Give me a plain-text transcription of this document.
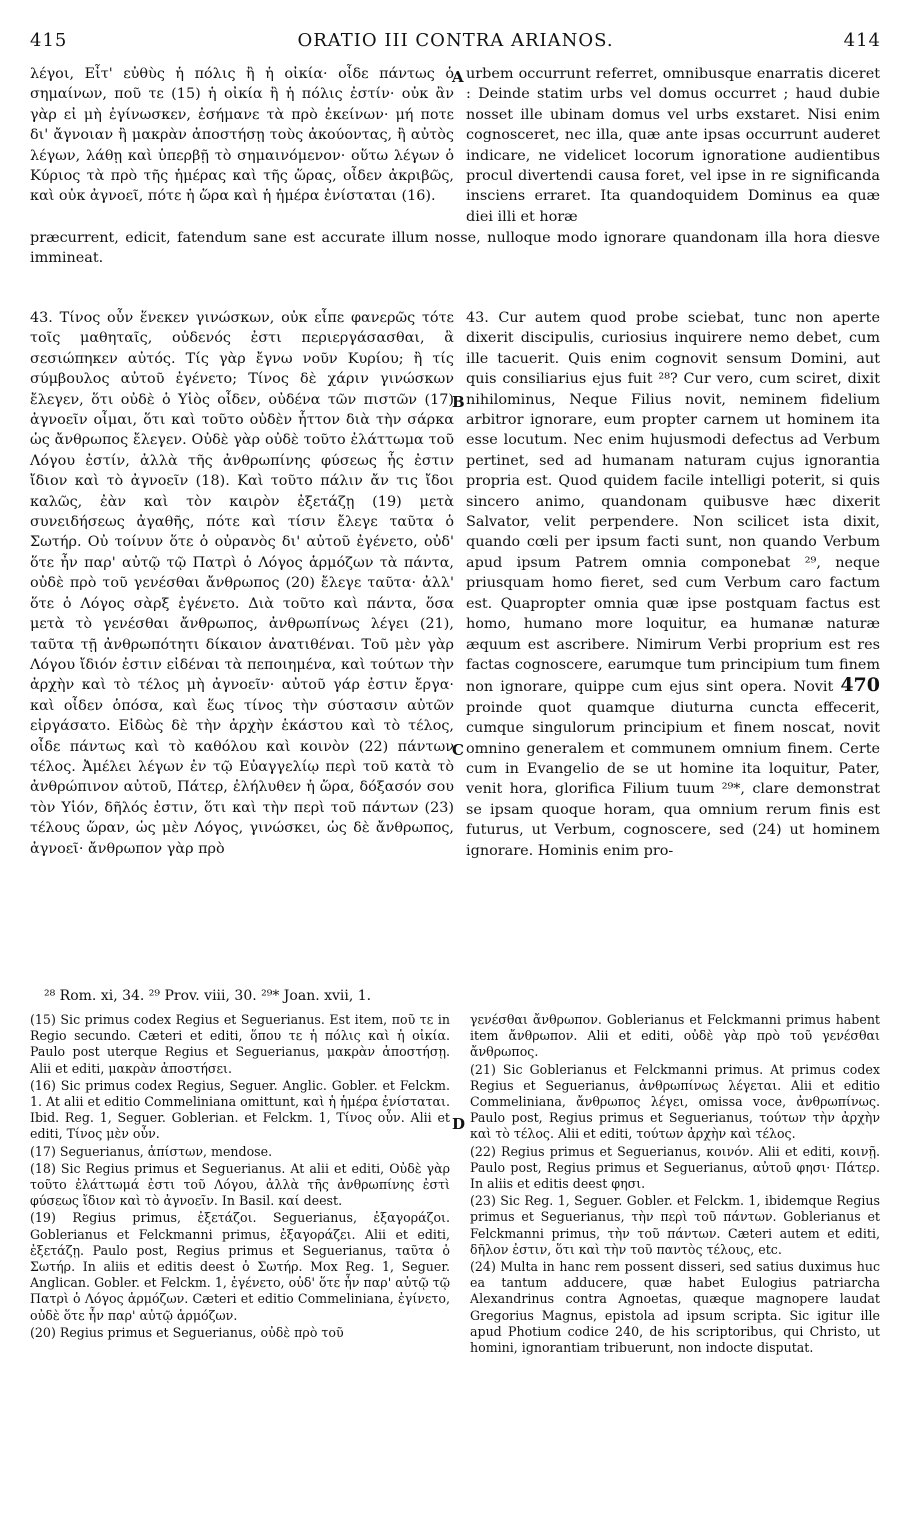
415	ORATIO III CONTRA ARIANOS.	414

λέγοι, Εἶτ' εὐθὺς ἡ πόλις ἢ ἡ οἰκία· οἶδε πάντως ὁ σημαίνων, ποῦ τε (15) ἡ οἰκία ἢ ἡ πόλις ἐστίν· οὐκ ἂν γὰρ εἰ μὴ ἐγίνωσκεν, ἐσήμανε τὰ πρὸ ἐκείνων· μή ποτε δι' ἄγνοιαν ἢ μακρὰν ἀποστήσῃ τοὺς ἀκούοντας, ἢ αὐτὸς λέγων, λάθῃ καὶ ὑπερβῇ τὸ σημαινόμενον· οὕτω λέγων ὁ Κύριος τὰ πρὸ τῆς ἡμέρας καὶ τῆς ὥρας, οἶδεν ἀκριβῶς, καὶ οὐκ ἀγνοεῖ, πότε ἡ ὥρα καὶ ἡ ἡμέρα ἐνίσταται (16).

urbem occurrunt referret, omnibusque enarratis diceret : Deinde statim urbs vel domus occurret ; haud dubie nosset ille ubinam domus vel urbs exstaret. Nisi enim cognosceret, nec illa, quæ ante ipsas occurrunt auderet indicare, ne videlicet locorum ignoratione audientibus procul divertendi causa foret, vel ipse in re significanda insciens erraret. Ita quandoquidem Dominus ea quæ diei illi et horæ

præcurrent, edicit, fatendum sane est accurate illum nosse, nulloque modo ignorare quandonam illa hora diesve immineat.

43. Τίνος οὖν ἕνεκεν γινώσκων, οὐκ εἶπε φανερῶς τότε τοῖς μαθηταῖς, οὐδενός ἐστι περιεργάσασθαι, ἃ σεσιώπηκεν αὐτός. Τίς γὰρ ἔγνω νοῦν Κυρίου; ἢ τίς σύμβουλος αὐτοῦ ἐγένετο; Τίνος δὲ χάριν γινώσκων ἔλεγεν, ὅτι οὐδὲ ὁ Υἱὸς οἶδεν, οὐδένα τῶν πιστῶν (17) ἀγνοεῖν οἶμαι, ὅτι καὶ τοῦτο οὐδὲν ἧττον διὰ τὴν σάρκα ὡς ἄνθρωπος ἔλεγεν. Οὐδὲ γὰρ οὐδὲ τοῦτο ἐλάττωμα τοῦ Λόγου ἐστίν, ἀλλὰ τῆς ἀνθρωπίνης φύσεως ἧς ἐστιν ἴδιον καὶ τὸ ἀγνοεῖν (18). Καὶ τοῦτο πάλιν ἄν τις ἴδοι καλῶς, ἐὰν καὶ τὸν καιρὸν ἐξετάζῃ (19) μετὰ συνειδήσεως ἀγαθῆς, πότε καὶ τίσιν ἔλεγε ταῦτα ὁ Σωτήρ. Οὐ τοίνυν ὅτε ὁ οὐρανὸς δι' αὐτοῦ ἐγένετο, οὐδ' ὅτε ἦν παρ' αὐτῷ τῷ Πατρὶ ὁ Λόγος ἁρμόζων τὰ πάντα, οὐδὲ πρὸ τοῦ γενέσθαι ἄνθρωπος (20) ἔλεγε ταῦτα· ἀλλ' ὅτε ὁ Λόγος σὰρξ ἐγένετο. Διὰ τοῦτο καὶ πάντα, ὅσα μετὰ τὸ γενέσθαι ἄνθρωπος, ἀνθρωπίνως λέγει (21), ταῦτα τῇ ἀνθρωπότητι δίκαιον ἀνατιθέναι. Τοῦ μὲν γὰρ Λόγου ἴδιόν ἐστιν εἰδέναι τὰ πεποιημένα, καὶ τούτων τὴν ἀρχὴν καὶ τὸ τέλος μὴ ἀγνοεῖν· αὐτοῦ γάρ ἐστιν ἔργα· καὶ οἶδεν ὁπόσα, καὶ ἕως τίνος τὴν σύστασιν αὐτῶν εἰργάσατο. Εἰδὼς δὲ τὴν ἀρχὴν ἑκάστου καὶ τὸ τέλος, οἶδε πάντως καὶ τὸ καθόλου καὶ κοινὸν (22) πάντων τέλος. Ἀμέλει λέγων ἐν τῷ Εὐαγγελίῳ περὶ τοῦ κατὰ τὸ ἀνθρώπινον αὐτοῦ, Πάτερ, ἐλήλυθεν ἡ ὥρα, δόξασόν σου τὸν Υἱόν, δῆλός ἐστιν, ὅτι καὶ τὴν περὶ τοῦ πάντων (23) τέλους ὥραν, ὡς μὲν Λόγος, γινώσκει, ὡς δὲ ἄνθρωπος, ἀγνοεῖ· ἄνθρωπον γὰρ πρὸ

43. Cur autem quod probe sciebat, tunc non aperte dixerit discipulis, curiosius inquirere nemo debet, cum ille tacuerit. Quis enim cognovit sensum Domini, aut quis consiliarius ejus fuit ²⁸? Cur vero, cum sciret, dixit nihilominus, Neque Filius novit, neminem fidelium arbitror ignorare, eum propter carnem ut hominem ita esse locutum. Nec enim hujusmodi defectus ad Verbum pertinet, sed ad humanam naturam cujus ignorantia propria est. Quod quidem facile intelligi poterit, si quis sincero animo, quandonam quibusve hæc dixerit Salvator, velit perpendere. Non scilicet ista dixit, quando cœli per ipsum facti sunt, non quando Verbum apud ipsum Patrem omnia componebat ²⁹, neque priusquam homo fieret, sed cum Verbum caro factum est. Quapropter omnia quæ ipse postquam factus est homo, humano more loquitur, ea humanæ naturæ æquum est ascribere. Nimirum Verbi proprium est res factas cognoscere, earumque tum principium tum finem non ignorare, quippe cum ejus sint opera. Novit 470 proinde quot quamque diuturna cuncta effecerit, cumque singulorum principium et finem noscat, novit omnino generalem et communem omnium finem. Certe cum in Evangelio de se ut homine ita loquitur, Pater, venit hora, glorifica Filium tuum ²⁹*, clare demonstrat se ipsam quoque horam, qua omnium rerum finis est futurus, ut Verbum, cognoscere, sed (24) ut hominem ignorare. Hominis enim pro-

A
B
C
D
²⁸ Rom. xi, 34. ²⁹ Prov. viii, 30. ²⁹* Joan. xvii, 1.

(15) Sic primus codex Regius et Seguerianus. Est item, ποῦ τε in Regio secundo. Cæteri et editi, ὅπου τε ἡ πόλις καὶ ἡ οἰκία. Paulo post uterque Regius et Seguerianus, μακρὰν ἀποστήσῃ. Alii et editi, μακρὰν ἀποστήσει.

(16) Sic primus codex Regius, Seguer. Anglic. Gobler. et Felckm. 1. At alii et editio Commeliniana omittunt, καὶ ἡ ἡμέρα ἐνίσταται. Ibid. Reg. 1, Seguer. Goblerian. et Felckm. 1, Τίνος οὖν. Alii et editi, Τίνος μὲν οὖν.

(17) Seguerianus, ἀπίστων, mendose.

(18) Sic Regius primus et Seguerianus. At alii et editi, Οὐδὲ γὰρ τοῦτο ἐλάττωμά ἐστι τοῦ Λόγου, ἀλλὰ τῆς ἀνθρωπίνης ἐστὶ φύσεως ἴδιον καὶ τὸ ἀγνοεῖν. In Basil. καί deest.

(19) Regius primus, ἐξετάζοι. Seguerianus, ἐξαγοράζοι. Goblerianus et Felckmanni primus, ἐξαγοράζει. Alii et editi, ἐξετάζῃ. Paulo post, Regius primus et Seguerianus, ταῦτα ὁ Σωτήρ. In aliis et editis deest ὁ Σωτήρ. Mox Reg. 1, Seguer. Anglican. Gobler. et Felckm. 1, ἐγένετο, οὐδ' ὅτε ἦν παρ' αὐτῷ τῷ Πατρὶ ὁ Λόγος ἁρμόζων. Cæteri et editio Commeliniana, ἐγίνετο, οὐδὲ ὅτε ἦν παρ' αὐτῷ ἁρμόζων.

(20) Regius primus et Seguerianus, οὐδὲ πρὸ τοῦ

γενέσθαι ἄνθρωπον. Goblerianus et Felckmanni primus habent item ἄνθρωπον. Alii et editi, οὐδὲ γὰρ πρὸ τοῦ γενέσθαι ἄνθρωπος.

(21) Sic Goblerianus et Felckmanni primus. At primus codex Regius et Seguerianus, ἀνθρωπίνως λέγεται. Alii et editio Commeliniana, ἄνθρωπος λέγει, omissa voce, ἀνθρωπίνως. Paulo post, Regius primus et Seguerianus, τούτων τὴν ἀρχὴν καὶ τὸ τέλος. Alii et editi, τούτων ἀρχὴν καὶ τέλος.

(22) Regius primus et Seguerianus, κοινόν. Alii et editi, κοινῇ. Paulo post, Regius primus et Seguerianus, αὐτοῦ φησι· Πάτερ. In aliis et editis deest φησι.

(23) Sic Reg. 1, Seguer. Gobler. et Felckm. 1, ibidemque Regius primus et Seguerianus, τὴν περὶ τοῦ πάντων. Goblerianus et Felckmanni primus, τὴν τοῦ πάντων. Cæteri autem et editi, δῆλον ἐστιν, ὅτι καὶ τὴν τοῦ παντὸς τέλους, etc.

(24) Multa in hanc rem possent disseri, sed satius duximus huc ea tantum adducere, quæ habet Eulogius patriarcha Alexandrinus contra Agnoetas, quæque magnopere laudat Gregorius Magnus, epistola ad ipsum scripta. Sic igitur ille apud Photium codice 240, de his scriptoribus, qui Christo, ut homini, ignorantiam tribuerunt, non indocte disputat.
